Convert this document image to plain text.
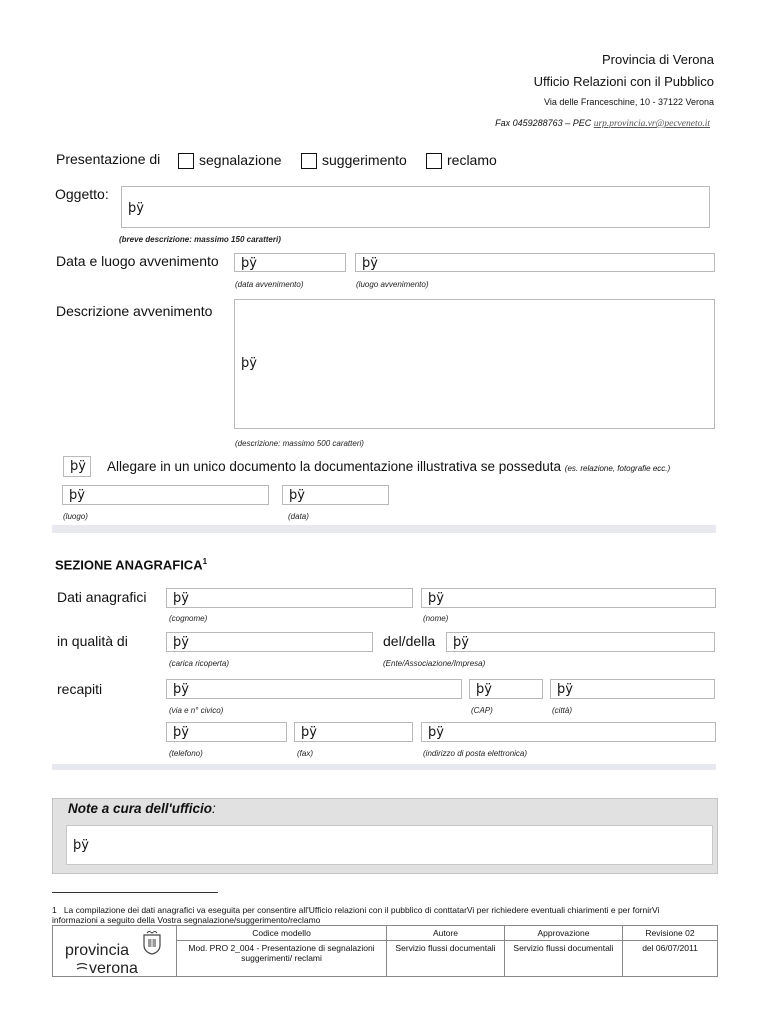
Provincia di Verona
Ufficio Relazioni con il Pubblico
Via delle Franceschine, 10 - 37122 Verona
Fax 0459288763 – PEC urp.provincia.vr@pecveneto.it
Presentazione di	segnalazione	suggerimento	reclamo
Oggetto:
þÿ
(breve descrizione: massimo 150 caratteri)
Data e luogo avvenimento	þÿ	þÿ
(data avvenimento)	(luogo avvenimento)
Descrizione avvenimento
þÿ
(descrizione: massimo 500 caratteri)
þÿ	Allegare in un unico documento la documentazione illustrativa se posseduta (es. relazione, fotografie ecc.)
þÿ	þÿ
(luogo)	(data)
SEZIONE ANAGRAFICA$^1$
Dati anagrafici	þÿ	þÿ
(cognome)	(nome)
in qualità di	þÿ	del/della	þÿ
(carica ricoperta)	(Ente/Associazione/Impresa)
recapiti	þÿ	þÿ	þÿ
(via e n° civico)	(CAP)	(città)
þÿ	þÿ	þÿ
(telefono)	(fax)	(indirizzo di posta elettronica)
Note a cura dell'ufficio:
þÿ
1 La compilazione dei dati anagrafici va eseguita per consentire all'Ufficio relazioni con il pubblico di conttatarVi per richiedere eventuali chiarimenti e per fornirVi
informazioni a seguito della Vostra segnalazione/suggerimento/reclamo
provincia
verona	Codice modello	Autore	Approvazione	Revisione 02
	Mod. PRO 2_004 - Presentazione di segnalazioni suggerimenti/ reclami	Servizio flussi documentali	Servizio flussi documentali	del 06/07/2011
